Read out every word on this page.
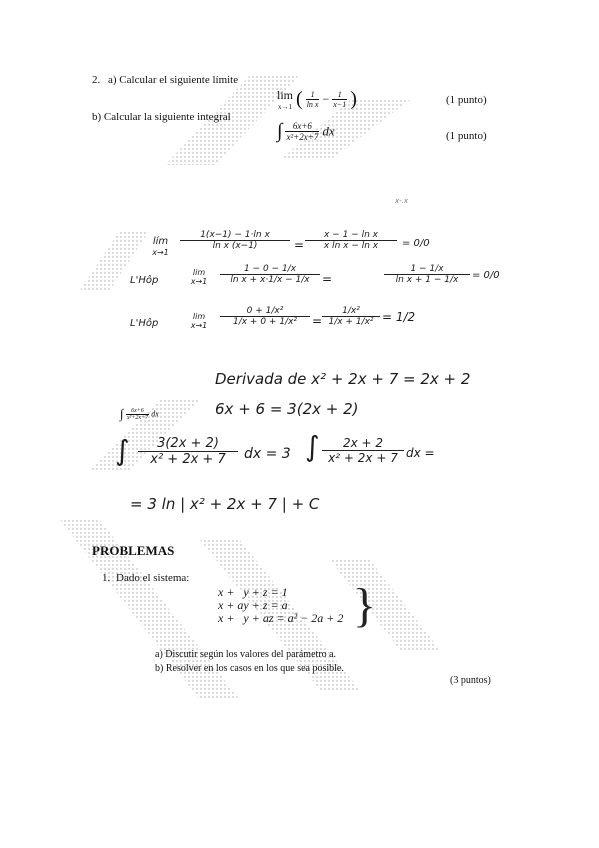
2. a) Calcular el siguiente límite
lim
x→1 ( $\frac{1}{\text{ln x}} - \frac{1}{x-1}$ )	(1 punto)
b) Calcular la siguiente integral
∫ $\frac{6x+6}{\text{x²+2x+7}}$ dx	(1 punto)
x-.x
lím
x→1
$\frac{\text{1(x−1) − 1·ln x}}{\text{ln x (x−1)}} = \frac{\text{x − 1 − ln x}}{\text{x ln x − ln x}} = 0/0$
L'Hôp
lim
x→1	$\frac{1 - 0 - 1/x}{\text{ln x + x·1/x − 1/x}}$ =	$\frac{1 - 1/x}{\text{ln x + 1 − 1/x}} = 0/0$
L'Hôp
lim
x→1	$\frac{\text{0 + 1/x²}}{\text{1/x + 0 + 1/x²}} = \frac{\text{1/x²}}{\text{1/x + 1/x²}} = 1/2$
Derivada de x² + 2x + 7 = 2x + 2
∫ $\frac{6x+6}{\text{x²+2x+7}}$ dx	6x + 6 = 3(2x + 2)
∫ $\frac{3(2x + 2)}{\text{x² + 2x + 7}}$ dx = 3 ∫ $\frac{2x + 2}{\text{x² + 2x + 7}}$ dx =
= 3 ln | x² + 2x + 7 | + C
PROBLEMAS
1. Dado el sistema:
x +   y + z = 1
x + ay + z = a
x +   y + az = a² − 2a + 2 }
a) Discutir según los valores del parámetro a.
b) Resolver en los casos en los que sea posible.
(3 puntos)
